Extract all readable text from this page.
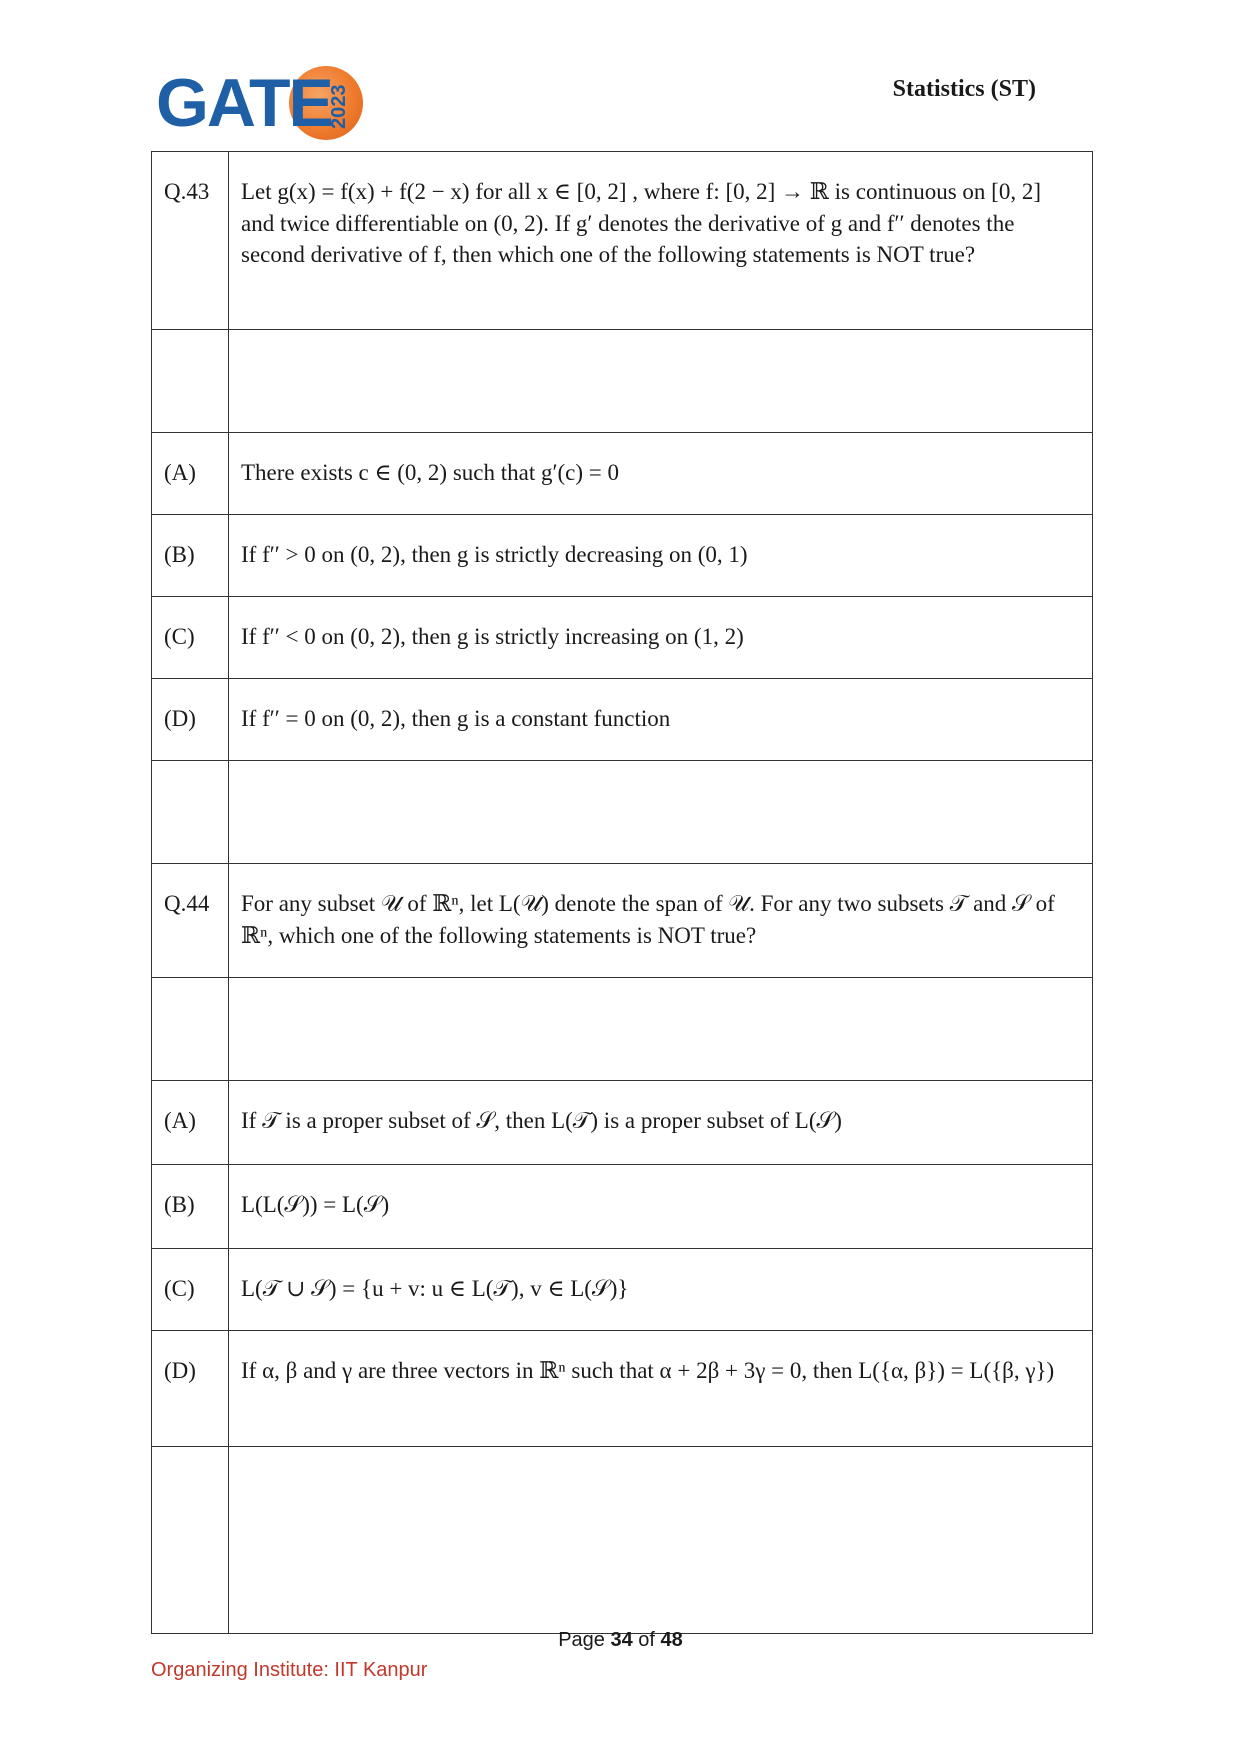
GATE
2023	Statistics (ST)
Q.43	Let g(x) = f(x) + f(2 − x) for all x ∈ [0, 2] , where f: [0, 2] → ℝ is continuous on [0, 2] and twice differentiable on (0, 2). If g′ denotes the derivative of g and f′′ denotes the second derivative of f, then which one of the following statements is NOT true?

(A)	There exists c ∈ (0, 2) such that g′(c) = 0
(B)	If f′′ > 0 on (0, 2), then g is strictly decreasing on (0, 1)
(C)	If f′′ < 0 on (0, 2), then g is strictly increasing on (1, 2)
(D)	If f′′ = 0 on (0, 2), then g is a constant function

Q.44	For any subset 𝒰 of ℝⁿ, let L(𝒰) denote the span of 𝒰. For any two subsets 𝒯 and 𝒮 of ℝⁿ, which one of the following statements is NOT true?

(A)	If 𝒯 is a proper subset of 𝒮, then L(𝒯) is a proper subset of L(𝒮)
(B)	L(L(𝒮)) = L(𝒮)
(C)	L(𝒯 ∪ 𝒮) = {u + v: u ∈ L(𝒯), v ∈ L(𝒮)}
(D)	If α, β and γ are three vectors in ℝⁿ such that α + 2β + 3γ = 0, then L({α, β}) = L({β, γ})

Page 34 of 48
Organizing Institute: IIT Kanpur
